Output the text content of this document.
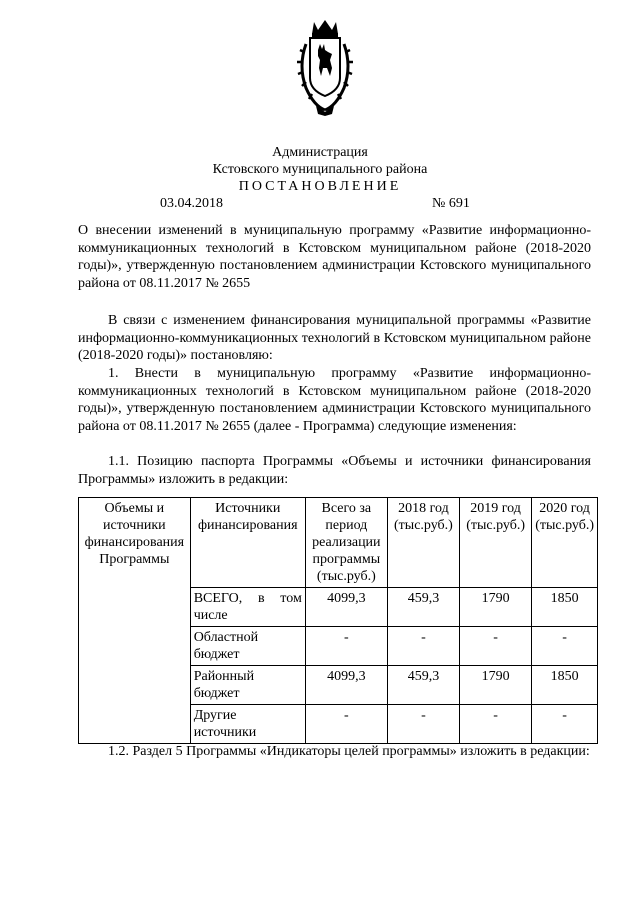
Администрация
Кстовского муниципального района
ПОСТАНОВЛЕНИЕ
03.04.2018	№ 691
О внесении изменений в муниципальную программу «Развитие информационно-коммуникационных технологий в Кстовском муниципальном районе (2018-2020 годы)», утвержденную постановлением администрации Кстовского муниципального района от 08.11.2017 № 2655
В связи с изменением финансирования муниципальной программы «Развитие информационно-коммуникационных технологий в Кстовском муниципальном районе (2018-2020 годы)» постановляю:
1. Внести в муниципальную программу «Развитие информационно-коммуникационных технологий в Кстовском муниципальном районе (2018-2020 годы)», утвержденную постановлением администрации Кстовского муниципального района от 08.11.2017 № 2655 (далее - Программа) следующие изменения:
1.1. Позицию паспорта Программы «Объемы и источники финансирования Программы» изложить в редакции:
Объемы и источники финансирования Программы	Источники финансирования	Всего за период реализации программы (тыс.руб.)	2018 год (тыс.руб.)	2019 год (тыс.руб.)	2020 год (тыс.руб.)
	ВСЕГО, в том числе	4099,3	459,3	1790	1850
	Областной бюджет	-	-	-	-
	Районный бюджет	4099,3	459,3	1790	1850
	Другие источники	-	-	-	-
1.2. Раздел 5 Программы «Индикаторы целей программы» изложить в редакции:
